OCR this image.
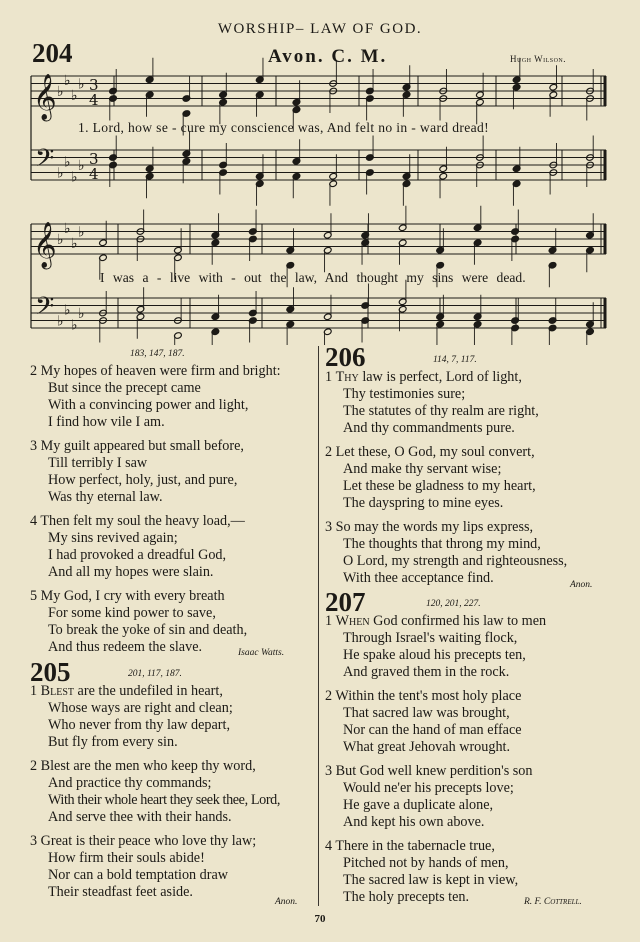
WORSHIP– LAW OF GOD.
204	Avon. C. M.	Hugh Wilson.
𝄞
𝄢
♭
♭
♭
♭
♭
♭
♭
♭
3
4
3
4
𝄞
𝄢
♭
♭
♭
♭
♭
♭
♭
♭
1. Lord, how se - cure my conscience was, And felt no in - ward dread!
I was a - live with - out the law, And thought my sins were dead.
183, 147, 187.
2 My hopes of heaven were firm and bright:
But since the precept came
With a convincing power and light,
I find how vile I am.
3 My guilt appeared but small before,
Till terribly I saw
How perfect, holy, just, and pure,
Was thy eternal law.
4 Then felt my soul the heavy load,—
My sins revived again;
I had provoked a dreadful God,
And all my hopes were slain.
5 My God, I cry with every breath
For some kind power to save,
To break the yoke of sin and death,
And thus redeem the slave.	Isaac Watts.
205	201, 117, 187.
1 Blest are the undefiled in heart,
Whose ways are right and clean;
Who never from thy law depart,
But fly from every sin.
2 Blest are the men who keep thy word,
And practice thy commands;
With their whole heart they seek thee, Lord,
And serve thee with their hands.
3 Great is their peace who love thy law;
How firm their souls abide!
Nor can a bold temptation draw
Their steadfast feet aside.
Anon.
206	114, 7, 117.
1 Thy law is perfect, Lord of light,
Thy testimonies sure;
The statutes of thy realm are right,
And thy commandments pure.
2 Let these, O God, my soul convert,
And make thy servant wise;
Let these be gladness to my heart,
The dayspring to mine eyes.
3 So may the words my lips express,
The thoughts that throng my mind,
O Lord, my strength and righteousness,
With thee acceptance find.	Anon.
207	120, 201, 227.
1 When God confirmed his law to men
Through Israel's waiting flock,
He spake aloud his precepts ten,
And graved them in the rock.
2 Within the tent's most holy place
That sacred law was brought,
Nor can the hand of man efface
What great Jehovah wrought.
3 But God well knew perdition's son
Would ne'er his precepts love;
He gave a duplicate alone,
And kept his own above.
4 There in the tabernacle true,
Pitched not by hands of men,
The sacred law is kept in view,
The holy precepts ten.	R. F. Cottrell.
70
